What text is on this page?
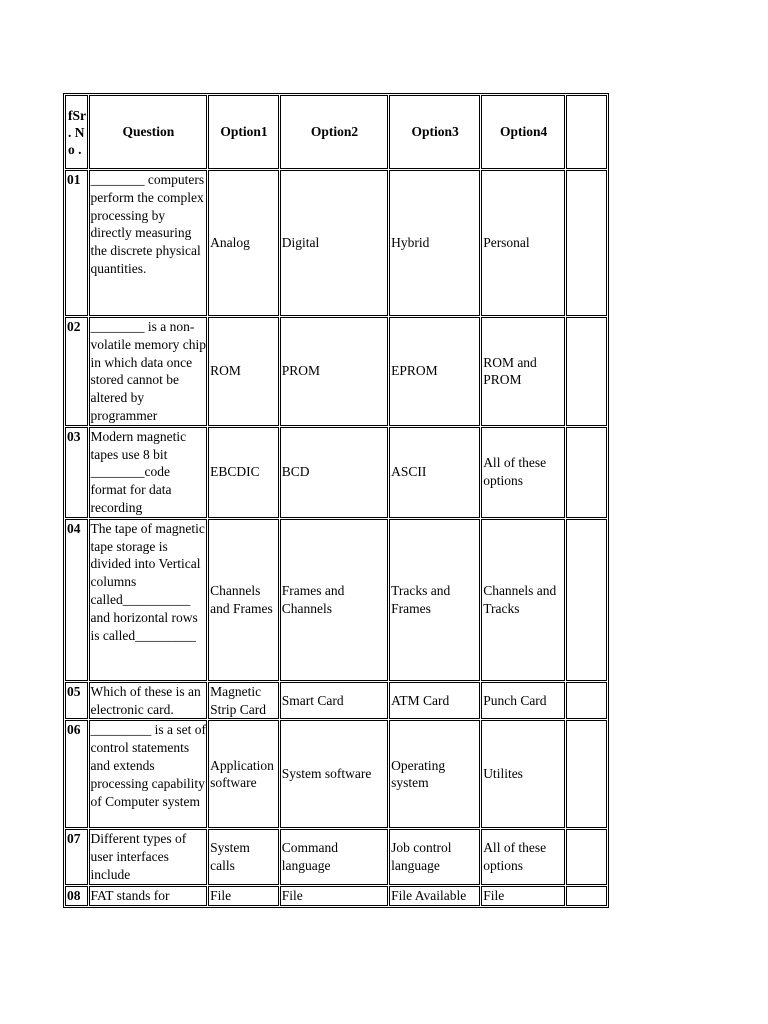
fSr . No .	Question	Option1	Option2	Option3	Option4	
01	________ computers perform the complex processing by directly measuring the discrete physical quantities.	Analog	Digital	Hybrid	Personal	
02	________ is a non-volatile memory chip in which data once stored cannot be altered by programmer	ROM	PROM	EPROM	ROM and PROM	
03	Modern magnetic tapes use 8 bit ________code format for data recording	EBCDIC	BCD	ASCII	All of these options	
04	The tape of magnetic tape storage is divided into Vertical columns called__________ and horizontal rows is called_________	Channels and Frames	Frames and Channels	Tracks and Frames	Channels and Tracks	
05	Which of these is an electronic card.	Magnetic Strip Card	Smart Card	ATM Card	Punch Card	
06	_________ is a set of control statements and extends processing capability of Computer system	Application software	System software	Operating system	Utilites	
07	Different types of user interfaces include	System calls	Command language	Job control language	All of these options	
08	FAT stands for	File	File	File Available	File	
